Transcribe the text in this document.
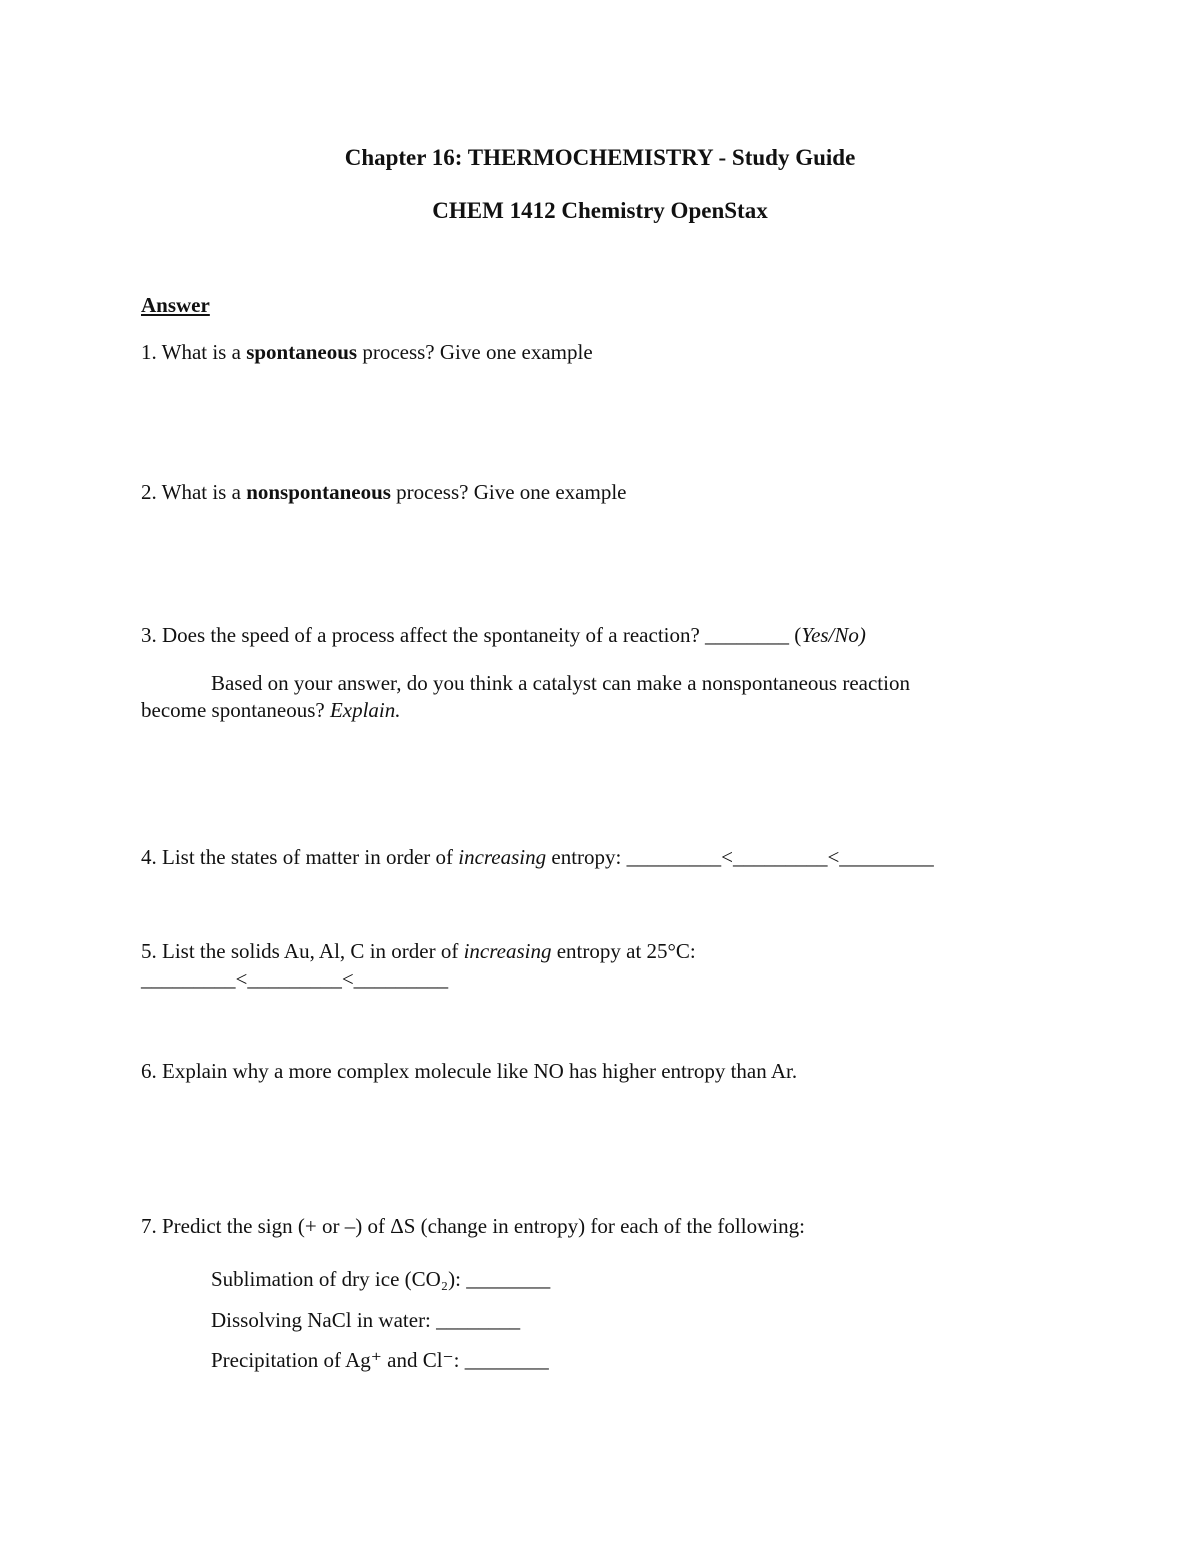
Chapter 16: THERMOCHEMISTRY - Study Guide
CHEM 1412 Chemistry OpenStax
Answer
1. What is a spontaneous process? Give one example
2. What is a nonspontaneous process? Give one example
3. Does the speed of a process affect the spontaneity of a reaction? ________ (Yes/No)
Based on your answer, do you think a catalyst can make a nonspontaneous reaction
become spontaneous? Explain.
4. List the states of matter in order of increasing entropy: _________<_________<_________
5. List the solids Au, Al, C in order of increasing entropy at 25°C:
_________<_________<_________
6. Explain why a more complex molecule like NO has higher entropy than Ar.
7. Predict the sign (+ or –) of ΔS (change in entropy) for each of the following:
Sublimation of dry ice (CO₂): ________
Dissolving NaCl in water: ________
Precipitation of Ag⁺ and Cl⁻: ________
